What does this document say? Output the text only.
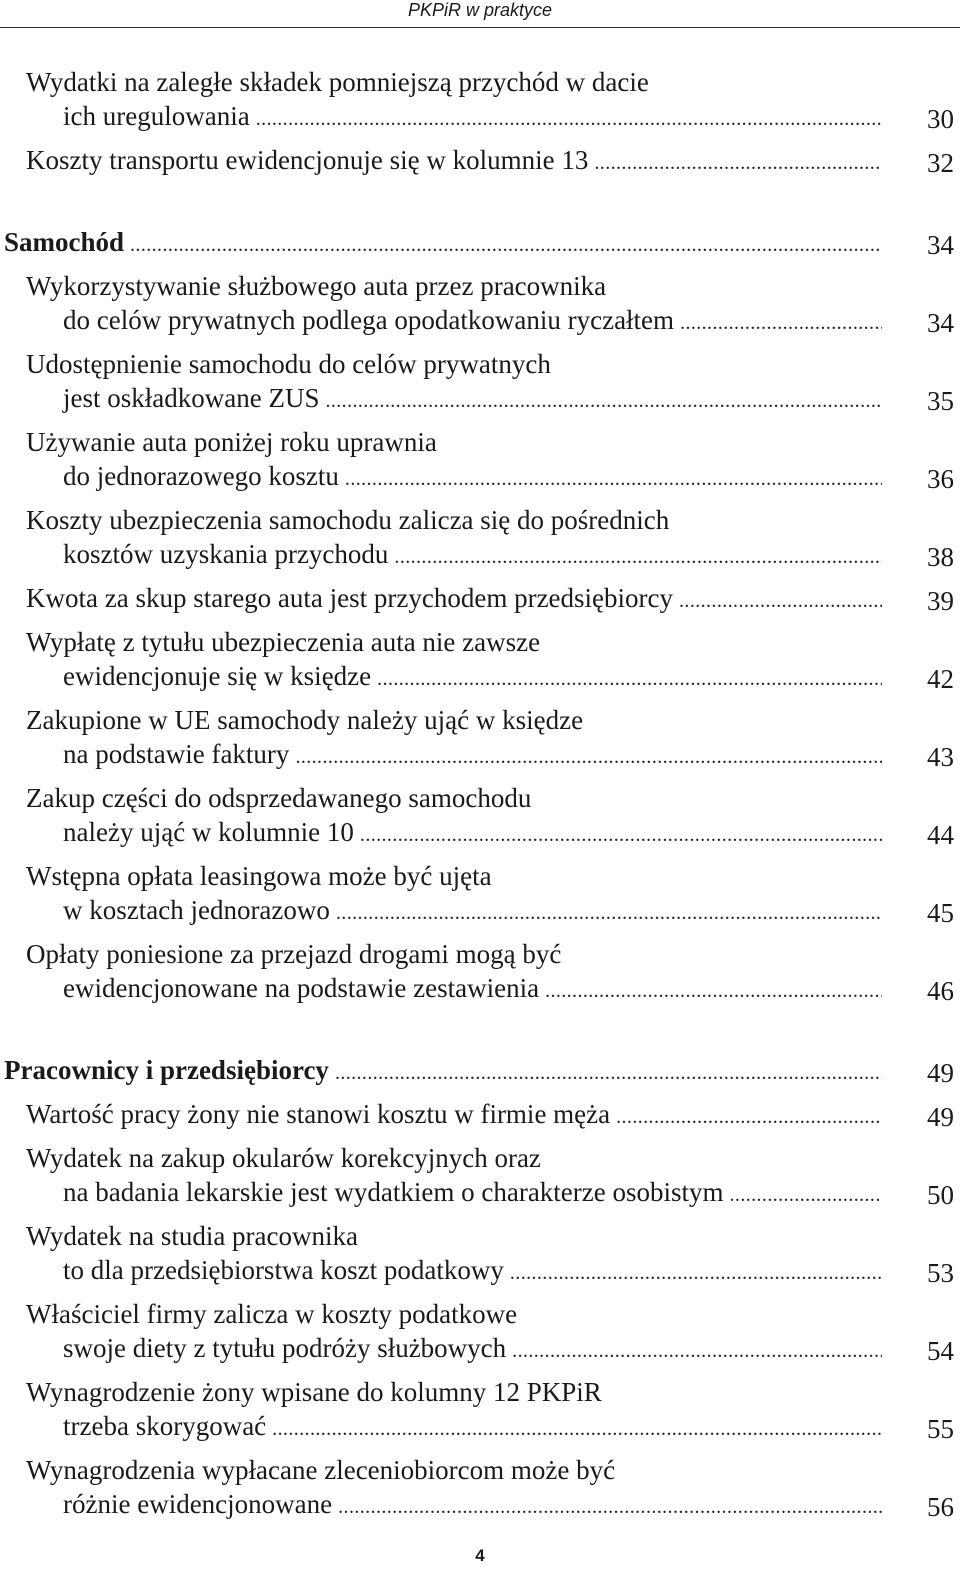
PKPiR w praktyce
Wydatki na zaległe składek pomniejszą przychód w dacie
ich uregulowania .....	30
Koszty transportu ewidencjonuje się w kolumnie 13 .....	32
Samochód .....	34
Wykorzystywanie służbowego auta przez pracownika
do celów prywatnych podlega opodatkowaniu ryczałtem .....	34
Udostępnienie samochodu do celów prywatnych
jest oskładkowane ZUS .....	35
Używanie auta poniżej roku uprawnia
do jednorazowego kosztu .....	36
Koszty ubezpieczenia samochodu zalicza się do pośrednich
kosztów uzyskania przychodu .....	38
Kwota za skup starego auta jest przychodem przedsiębiorcy .....	39
Wypłatę z tytułu ubezpieczenia auta nie zawsze
ewidencjonuje się w księdze .....	42
Zakupione w UE samochody należy ująć w księdze
na podstawie faktury .....	43
Zakup części do odsprzedawanego samochodu
należy ująć w kolumnie 10 .....	44
Wstępna opłata leasingowa może być ujęta
w kosztach jednorazowo .....	45
Opłaty poniesione za przejazd drogami mogą być
ewidencjonowane na podstawie zestawienia .....	46
Pracownicy i przedsiębiorcy .....	49
Wartość pracy żony nie stanowi kosztu w firmie męża .....	49
Wydatek na zakup okularów korekcyjnych oraz
na badania lekarskie jest wydatkiem o charakterze osobistym .....	50
Wydatek na studia pracownika
to dla przedsiębiorstwa koszt podatkowy .....	53
Właściciel firmy zalicza w koszty podatkowe
swoje diety z tytułu podróży służbowych .....	54
Wynagrodzenie żony wpisane do kolumny 12 PKPiR
trzeba skorygować .....	55
Wynagrodzenia wypłacane zleceniobiorcom może być
różnie ewidencjonowane .....	56
4
